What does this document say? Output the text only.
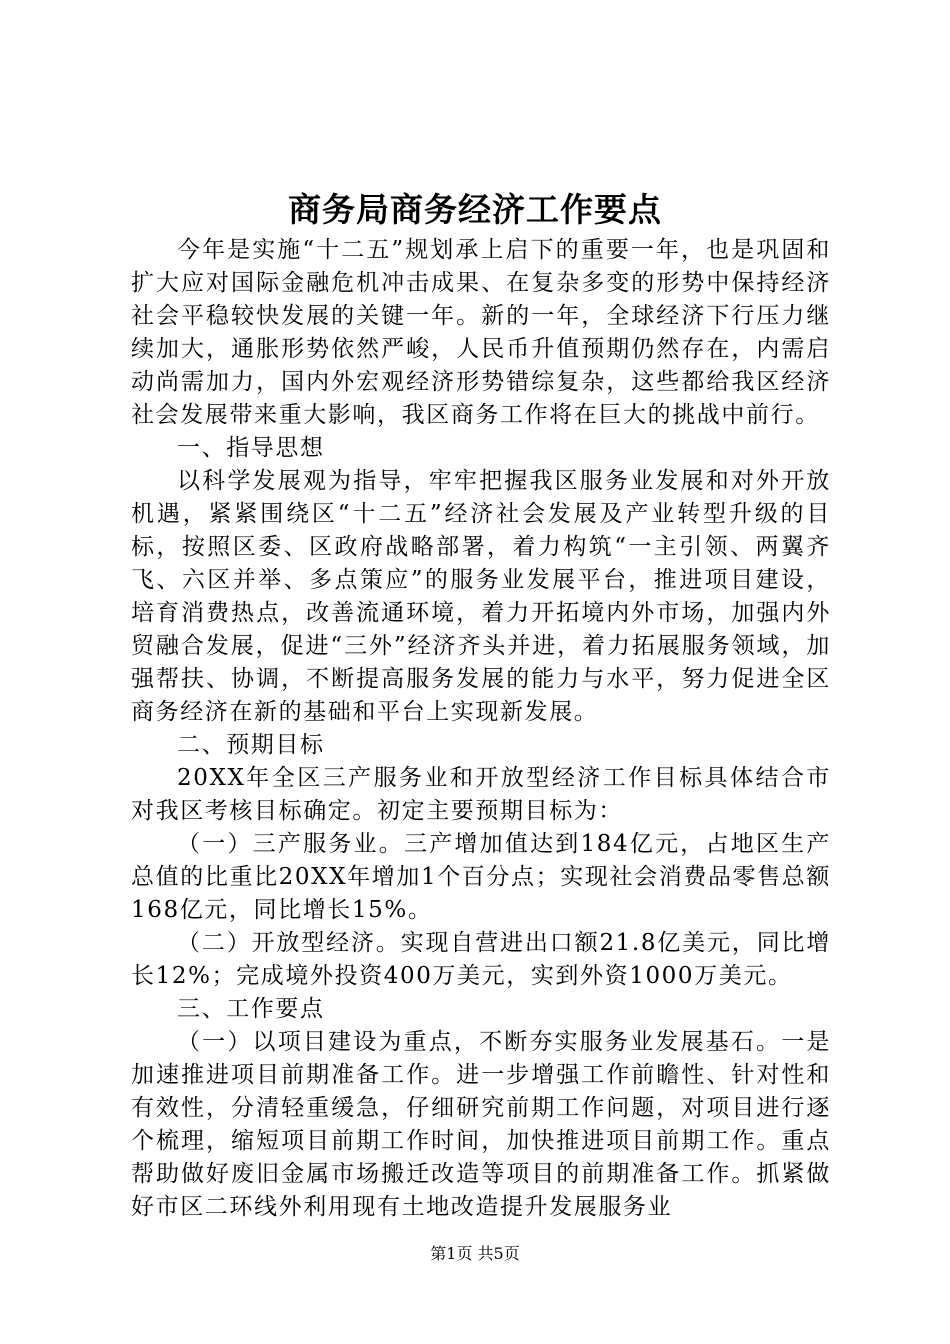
商务局商务经济工作要点

今年是实施“十二五”规划承上启下的重要一年，也是巩固和扩大应对国际金融危机冲击成果、在复杂多变的形势中保持经济社会平稳较快发展的关键一年。新的一年，全球经济下行压力继续加大，通胀形势依然严峻，人民币升值预期仍然存在，内需启动尚需加力，国内外宏观经济形势错综复杂，这些都给我区经济社会发展带来重大影响，我区商务工作将在巨大的挑战中前行。

一、指导思想

以科学发展观为指导，牢牢把握我区服务业发展和对外开放机遇，紧紧围绕区“十二五”经济社会发展及产业转型升级的目标，按照区委、区政府战略部署，着力构筑“一主引领、两翼齐飞、六区并举、多点策应”的服务业发展平台，推进项目建设，培育消费热点，改善流通环境，着力开拓境内外市场，加强内外贸融合发展，促进“三外”经济齐头并进，着力拓展服务领域，加强帮扶、协调，不断提高服务发展的能力与水平，努力促进全区商务经济在新的基础和平台上实现新发展。

二、预期目标

20XX年全区三产服务业和开放型经济工作目标具体结合市对我区考核目标确定。初定主要预期目标为：

（一）三产服务业。三产增加值达到184亿元，占地区生产总值的比重比20XX年增加1个百分点；实现社会消费品零售总额168亿元，同比增长15%。

（二）开放型经济。实现自营进出口额21.8亿美元，同比增长12%；完成境外投资400万美元，实到外资1000万美元。

三、工作要点

（一）以项目建设为重点，不断夯实服务业发展基石。一是加速推进项目前期准备工作。进一步增强工作前瞻性、针对性和有效性，分清轻重缓急，仔细研究前期工作问题，对项目进行逐个梳理，缩短项目前期工作时间，加快推进项目前期工作。重点帮助做好废旧金属市场搬迁改造等项目的前期准备工作。抓紧做好市区二环线外利用现有土地改造提升发展服务业

第1页 共5页
